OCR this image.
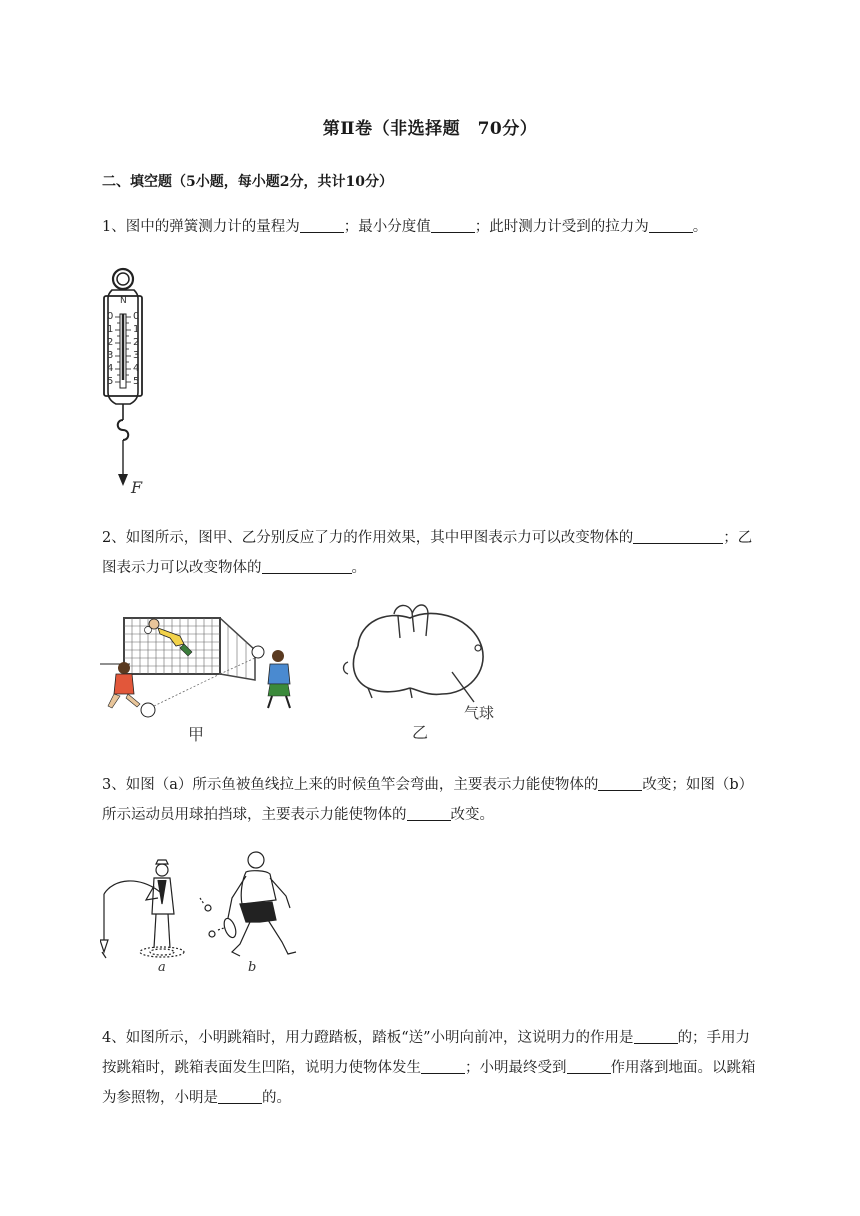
第Ⅱ卷（非选择题　70分）
二、填空题（5小题，每小题2分，共计10分）
1、图中的弹簧测力计的量程为	；最小分度值	；此时测力计受到的拉力为	。
N
0
1
2
3
4
5
0
1
2
3
4
5
F
2、如图所示，图甲、乙分别反应了力的作用效果，其中甲图表示力可以改变物体的	；乙图表示力可以改变物体的	。
甲
气球
乙
3、如图（a）所示鱼被鱼线拉上来的时候鱼竿会弯曲，主要表示力能使物体的	改变；如图（b）所示运动员用球拍挡球，主要表示力能使物体的	改变。
a	b
4、如图所示，小明跳箱时，用力蹬踏板，踏板“送”小明向前冲，这说明力的作用是	的；手用力按跳箱时，跳箱表面发生凹陷，说明力使物体发生	；小明最终受到	作用落到地面。以跳箱为参照物，小明是	的。
